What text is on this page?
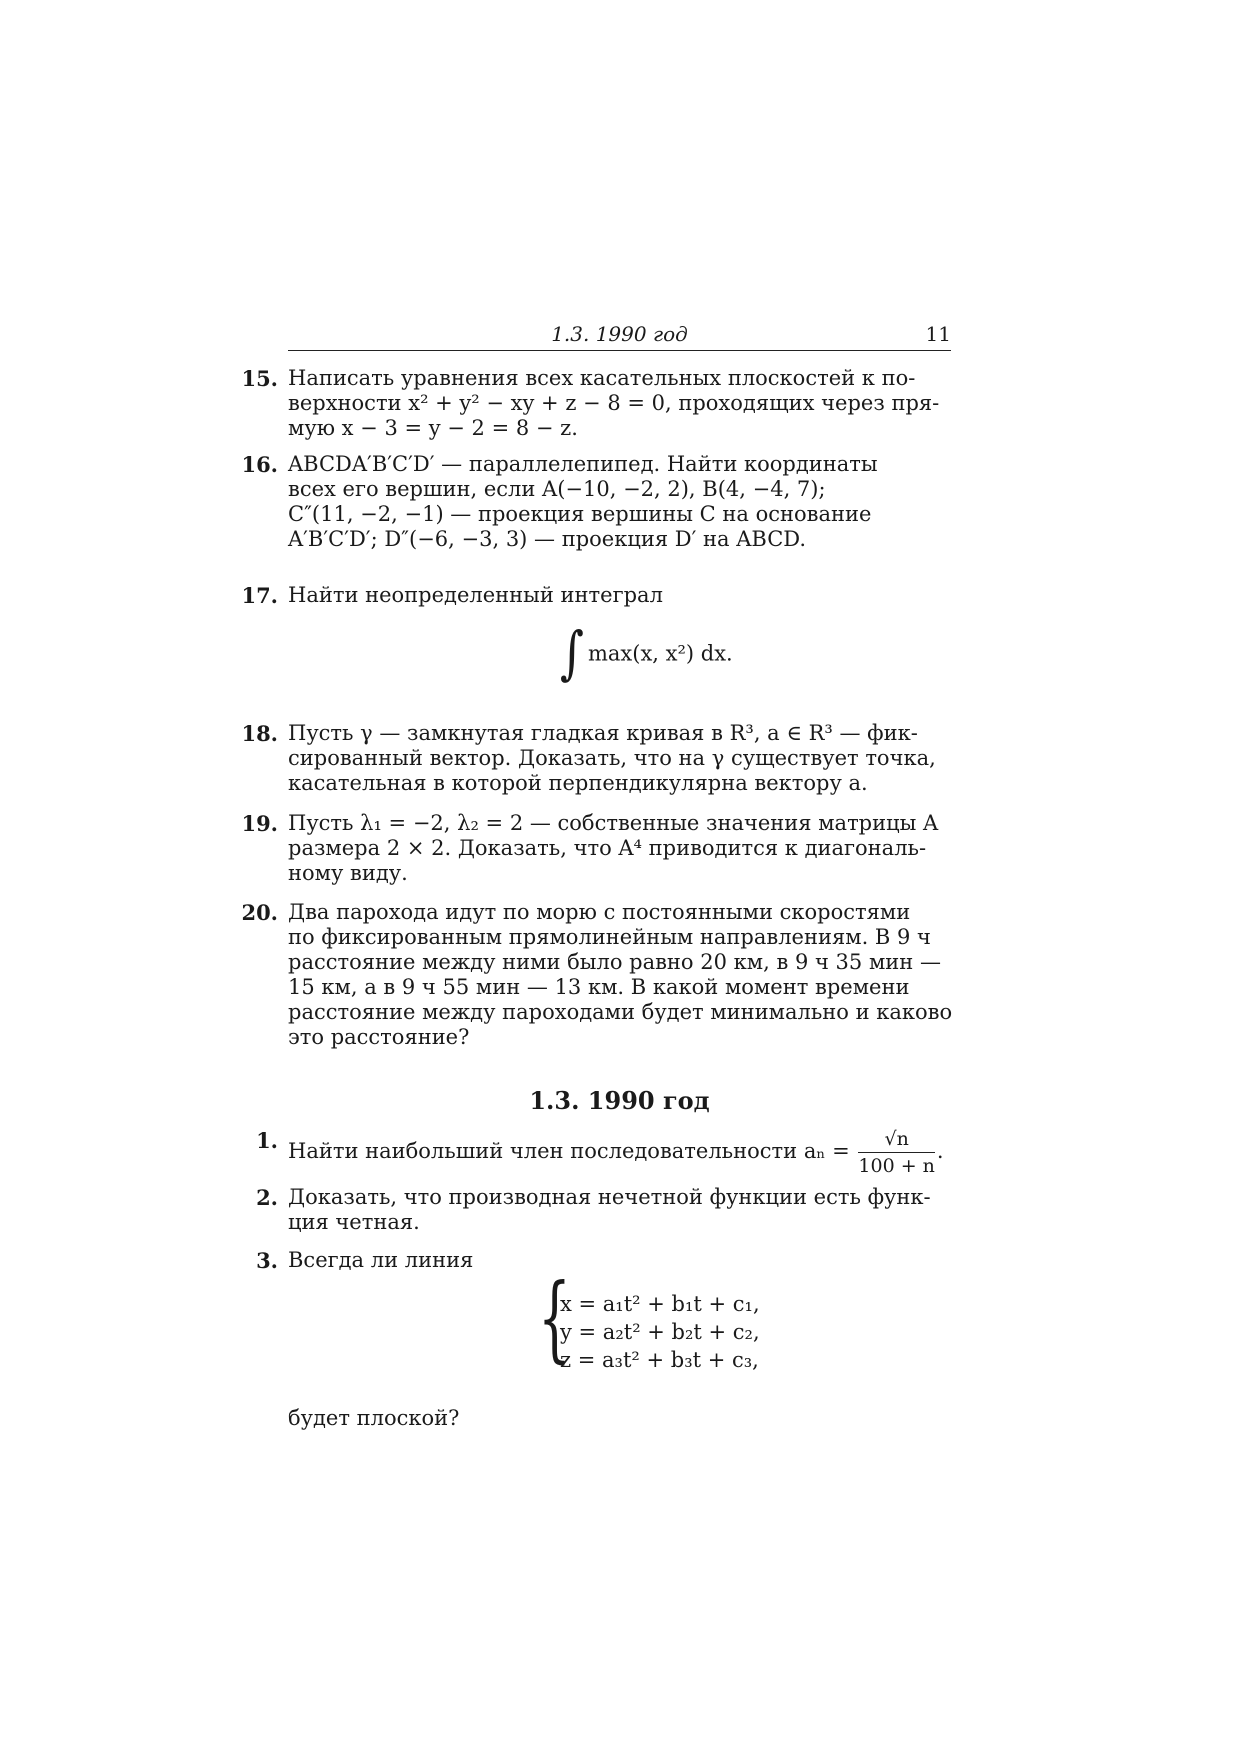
1.3. 1990 год	11
15. Написать уравнения всех касательных плоскостей к по-
верхности x² + y² − xy + z − 8 = 0, проходящих через пря-
мую x − 3 = y − 2 = 8 − z.
16. ABCDA′B′C′D′ — параллелепипед. Найти координаты
всех его вершин, если A(−10, −2, 2), B(4, −4, 7);
C″(11, −2, −1) — проекция вершины C на основание
A′B′C′D′; D″(−6, −3, 3) — проекция D′ на ABCD.
17. Найти неопределенный интеграл
∫ max(x, x²) dx.
18. Пусть γ — замкнутая гладкая кривая в R³, a ∈ R³ — фик-
сированный вектор. Доказать, что на γ существует точка,
касательная в которой перпендикулярна вектору a.
19. Пусть λ₁ = −2, λ₂ = 2 — собственные значения матрицы A
размера 2 × 2. Доказать, что A⁴ приводится к диагональ-
ному виду.
20. Два парохода идут по морю с постоянными скоростями
по фиксированным прямолинейным направлениям. В 9 ч
расстояние между ними было равно 20 км, в 9 ч 35 мин —
15 км, а в 9 ч 55 мин — 13 км. В какой момент времени
расстояние между пароходами будет минимально и каково
это расстояние?
1.3. 1990 год
1. Найти наибольший член последовательности $a_n = \frac{√n}{100 + n}$ .
2. Доказать, что производная нечетной функции есть функ-
ция четная.
3. Всегда ли линия
{
x = a₁t² + b₁t + c₁,
y = a₂t² + b₂t + c₂,
z = a₃t² + b₃t + c₃,
будет плоской?
